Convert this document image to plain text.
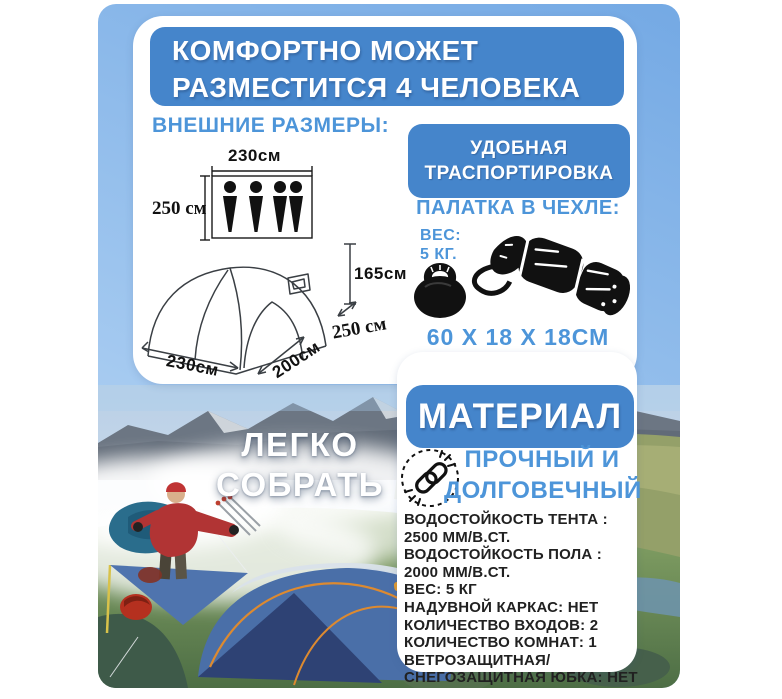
ЛЕГКО
СОБРАТЬ
КОМФОРТНО МОЖЕТ
РАЗМЕСТИТСЯ 4 ЧЕЛОВЕКА
ВНЕШНИЕ РАЗМЕРЫ:
230см
250 см
165см
250 см
200см
230см
УДОБНАЯ
ТРАСПОРТИРОВКА
ПАЛАТКА В ЧЕХЛЕ:
ВЕС:
5 КГ.
60 Х 18 Х 18СМ
МАТЕРИАЛ
ПРОЧНЫЙ И
ДОЛГОВЕЧНЫЙ
ВОДОСТОЙКОСТЬ ТЕНТА :
2500 ММ/В.СТ.
ВОДОСТОЙКОСТЬ ПОЛА :
2000 ММ/В.СТ.
ВЕС: 5 КГ
НАДУВНОЙ КАРКАС: НЕТ
КОЛИЧЕСТВО ВХОДОВ: 2
КОЛИЧЕСТВО КОМНАТ: 1
ВЕТРОЗАЩИТНАЯ/
СНЕГОЗАЩИТНАЯ ЮБКА: НЕТ
